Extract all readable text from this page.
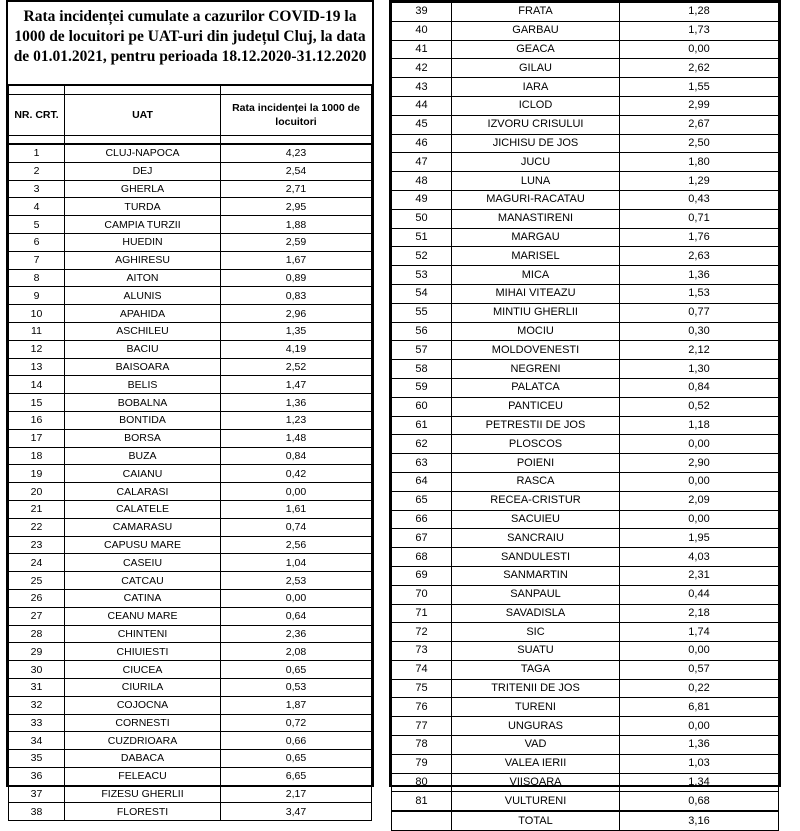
Rata incidenței cumulate a cazurilor COVID-19 la 1000 de locuitori pe UAT-uri din județul Cluj, la data de 01.01.2021, pentru perioada 18.12.2020-31.12.2020

NR. CRT.	UAT	Rata incidenței la 1000 de locuitori

1	CLUJ-NAPOCA	4,23
2	DEJ	2,54
3	GHERLA	2,71
4	TURDA	2,95
5	CAMPIA TURZII	1,88
6	HUEDIN	2,59
7	AGHIRESU	1,67
8	AITON	0,89
9	ALUNIS	0,83
10	APAHIDA	2,96
11	ASCHILEU	1,35
12	BACIU	4,19
13	BAISOARA	2,52
14	BELIS	1,47
15	BOBALNA	1,36
16	BONTIDA	1,23
17	BORSA	1,48
18	BUZA	0,84
19	CAIANU	0,42
20	CALARASI	0,00
21	CALATELE	1,61
22	CAMARASU	0,74
23	CAPUSU MARE	2,56
24	CASEIU	1,04
25	CATCAU	2,53
26	CATINA	0,00
27	CEANU MARE	0,64
28	CHINTENI	2,36
29	CHIUIESTI	2,08
30	CIUCEA	0,65
31	CIURILA	0,53
32	COJOCNA	1,87
33	CORNESTI	0,72
34	CUZDRIOARA	0,66
35	DABACA	0,65
36	FELEACU	6,65
37	FIZESU GHERLII	2,17
38	FLORESTI	3,47
39	FRATA	1,28
40	GARBAU	1,73
41	GEACA	0,00
42	GILAU	2,62
43	IARA	1,55
44	ICLOD	2,99
45	IZVORU CRISULUI	2,67
46	JICHISU DE JOS	2,50
47	JUCU	1,80
48	LUNA	1,29
49	MAGURI-RACATAU	0,43
50	MANASTIRENI	0,71
51	MARGAU	1,76
52	MARISEL	2,63
53	MICA	1,36
54	MIHAI VITEAZU	1,53
55	MINTIU GHERLII	0,77
56	MOCIU	0,30
57	MOLDOVENESTI	2,12
58	NEGRENI	1,30
59	PALATCA	0,84
60	PANTICEU	0,52
61	PETRESTII DE JOS	1,18
62	PLOSCOS	0,00
63	POIENI	2,90
64	RASCA	0,00
65	RECEA-CRISTUR	2,09
66	SACUIEU	0,00
67	SANCRAIU	1,95
68	SANDULESTI	4,03
69	SANMARTIN	2,31
70	SANPAUL	0,44
71	SAVADISLA	2,18
72	SIC	1,74
73	SUATU	0,00
74	TAGA	0,57
75	TRITENII DE JOS	0,22
76	TURENI	6,81
77	UNGURAS	0,00
78	VAD	1,36
79	VALEA IERII	1,03
80	VIISOARA	1,34
81	VULTURENI	0,68
	TOTAL	3,16
